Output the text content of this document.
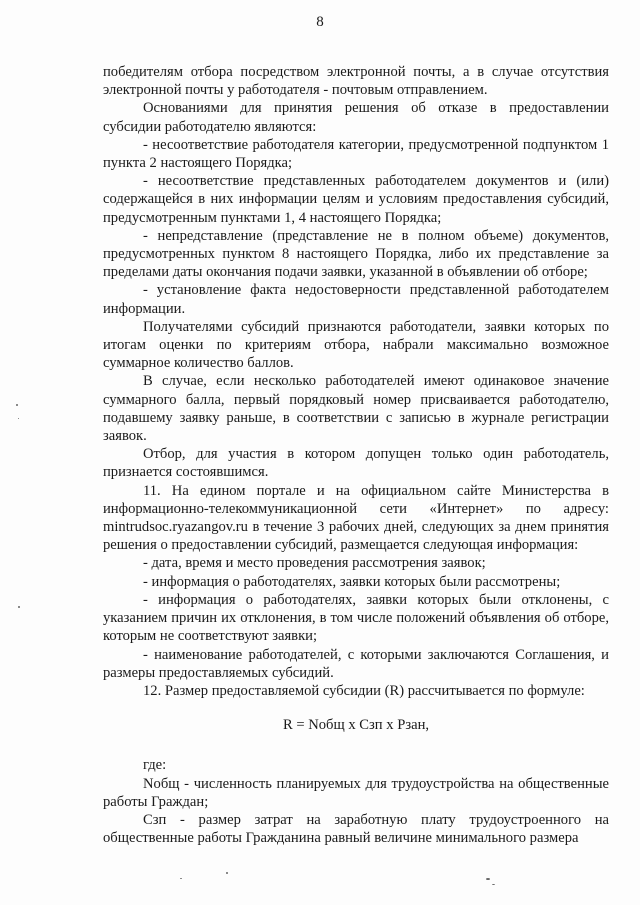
8

победителям отбора посредством электронной почты, а в случае отсутствия электронной почты у работодателя - почтовым отправлением.

Основаниями для принятия решения об отказе в предоставлении субсидии работодателю являются:

- несоответствие работодателя категории, предусмотренной подпунктом 1 пункта 2 настоящего Порядка;

- несоответствие представленных работодателем документов и (или) содержащейся в них информации целям и условиям предоставления субсидий, предусмотренным пунктами 1, 4 настоящего Порядка;

- непредставление (представление не в полном объеме) документов, предусмотренных пунктом 8 настоящего Порядка, либо их представление за пределами даты окончания подачи заявки, указанной в объявлении об отборе;

- установление факта недостоверности представленной работодателем информации.

Получателями субсидий признаются работодатели, заявки которых по итогам оценки по критериям отбора, набрали максимально возможное суммарное количество баллов.

В случае, если несколько работодателей имеют одинаковое значение суммарного балла, первый порядковый номер присваивается работодателю, подавшему заявку раньше, в соответствии с записью в журнале регистрации заявок.

Отбор, для участия в котором допущен только один работодатель, признается состоявшимся.

11. На едином портале и на официальном сайте Министерства в информационно-телекоммуникационной сети «Интернет» по адресу: mintrudsoc.ryazangov.ru в течение 3 рабочих дней, следующих за днем принятия решения о предоставлении субсидий, размещается следующая информация:

- дата, время и место проведения рассмотрения заявок;

- информация о работодателях, заявки которых были рассмотрены;

- информация о работодателях, заявки которых были отклонены, с указанием причин их отклонения, в том числе положений объявления об отборе, которым не соответствуют заявки;

- наименование работодателей, с которыми заключаются Соглашения, и размеры предоставляемых субсидий.

12. Размер предоставляемой субсидии (R) рассчитывается по формуле:

R = Nобщ x Cзп x Рзан,

где:

Nобщ - численность планируемых для трудоустройства на общественные работы Граждан;

Cзп - размер затрат на заработную плату трудоустроенного на общественные работы Гражданина равный величине минимального размера
